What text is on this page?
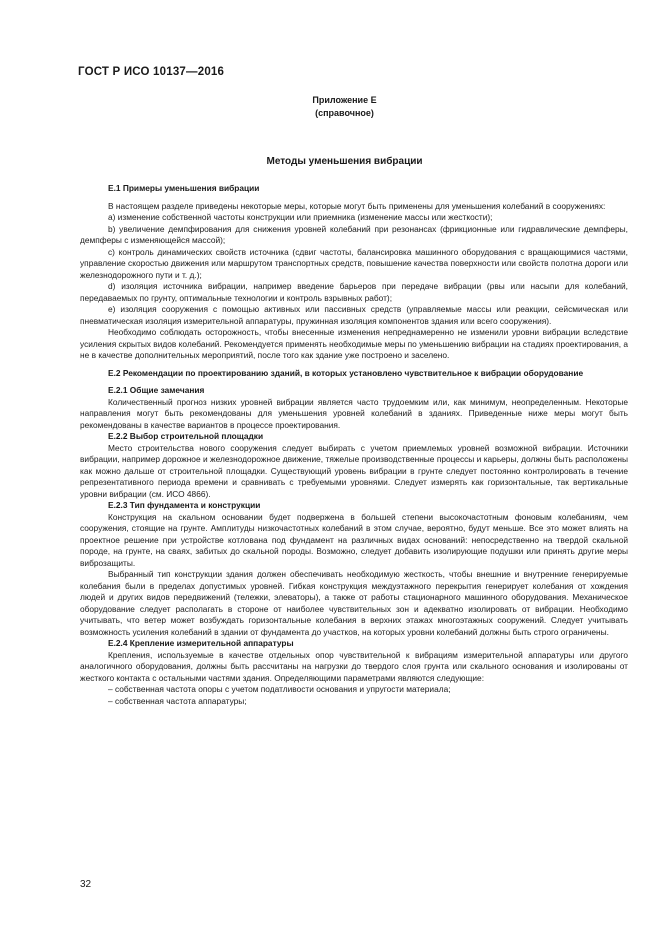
ГОСТ Р ИСО 10137—2016
Приложение Е
(справочное)
Методы уменьшения вибрации

Е.1 Примеры уменьшения вибрации

В настоящем разделе приведены некоторые меры, которые могут быть применены для уменьшения колебаний в сооружениях:

а) изменение собственной частоты конструкции или приемника (изменение массы или жесткости);

b) увеличение демпфирования для снижения уровней колебаний при резонансах (фрикционные или гидравлические демпферы, демпферы с изменяющейся массой);

с) контроль динамических свойств источника (сдвиг частоты, балансировка машинного оборудования с вращающимися частями, управление скоростью движения или маршрутом транспортных средств, повышение качества поверхности или свойств полотна дороги или железнодорожного пути и т. д.);

d) изоляция источника вибрации, например введение барьеров при передаче вибрации (рвы или насыпи для колебаний, передаваемых по грунту, оптимальные технологии и контроль взрывных работ);

е) изоляция сооружения с помощью активных или пассивных средств (управляемые массы или реакции, сейсмическая или пневматическая изоляция измерительной аппаратуры, пружинная изоляция компонентов здания или всего сооружения).

Необходимо соблюдать осторожность, чтобы внесенные изменения непреднамеренно не изменили уровни вибрации вследствие усиления скрытых видов колебаний. Рекомендуется применять необходимые меры по уменьшению вибрации на стадиях проектирования, а не в качестве дополнительных мероприятий, после того как здание уже построено и заселено.

Е.2 Рекомендации по проектированию зданий, в которых установлено чувствительное к вибрации оборудование

Е.2.1 Общие замечания

Количественный прогноз низких уровней вибрации является часто трудоемким или, как минимум, неопределенным. Некоторые направления могут быть рекомендованы для уменьшения уровней колебаний в зданиях. Приведенные ниже меры могут быть рекомендованы в качестве вариантов в процессе проектирования.

Е.2.2 Выбор строительной площадки

Место строительства нового сооружения следует выбирать с учетом приемлемых уровней возможной вибрации. Источники вибрации, например дорожное и железнодорожное движение, тяжелые производственные процессы и карьеры, должны быть расположены как можно дальше от строительной площадки. Существующий уровень вибрации в грунте следует постоянно контролировать в течение репрезентативного периода времени и сравнивать с требуемыми уровнями. Следует измерять как горизонтальные, так вертикальные уровни вибрации (см. ИСО 4866).

Е.2.3 Тип фундамента и конструкции

Конструкция на скальном основании будет подвержена в большей степени высокочастотным фоновым колебаниям, чем сооружения, стоящие на грунте. Амплитуды низкочастотных колебаний в этом случае, вероятно, будут меньше. Все это может влиять на проектное решение при устройстве котлована под фундамент на различных видах оснований: непосредственно на твердой скальной породе, на грунте, на сваях, забитых до скальной породы. Возможно, следует добавить изолирующие подушки или принять другие меры виброзащиты.

Выбранный тип конструкции здания должен обеспечивать необходимую жесткость, чтобы внешние и внутренние генерируемые колебания были в пределах допустимых уровней. Гибкая конструкция междуэтажного перекрытия генерирует колебания от хождения людей и других видов передвижений (тележки, элеваторы), а также от работы стационарного машинного оборудования. Механическое оборудование следует располагать в стороне от наиболее чувствительных зон и адекватно изолировать от вибрации. Необходимо учитывать, что ветер может возбуждать горизонтальные колебания в верхних этажах многоэтажных сооружений. Следует учитывать возможность усиления колебаний в здании от фундамента до участков, на которых уровни колебаний должны быть строго ограничены.

Е.2.4 Крепление измерительной аппаратуры

Крепления, используемые в качестве отдельных опор чувствительной к вибрациям измерительной аппаратуры или другого аналогичного оборудования, должны быть рассчитаны на нагрузки до твердого слоя грунта или скального основания и изолированы от жесткого контакта с остальными частями здания. Определяющими параметрами являются следующие:

– собственная частота опоры с учетом податливости основания и упругости материала;

– собственная частота аппаратуры;

32
